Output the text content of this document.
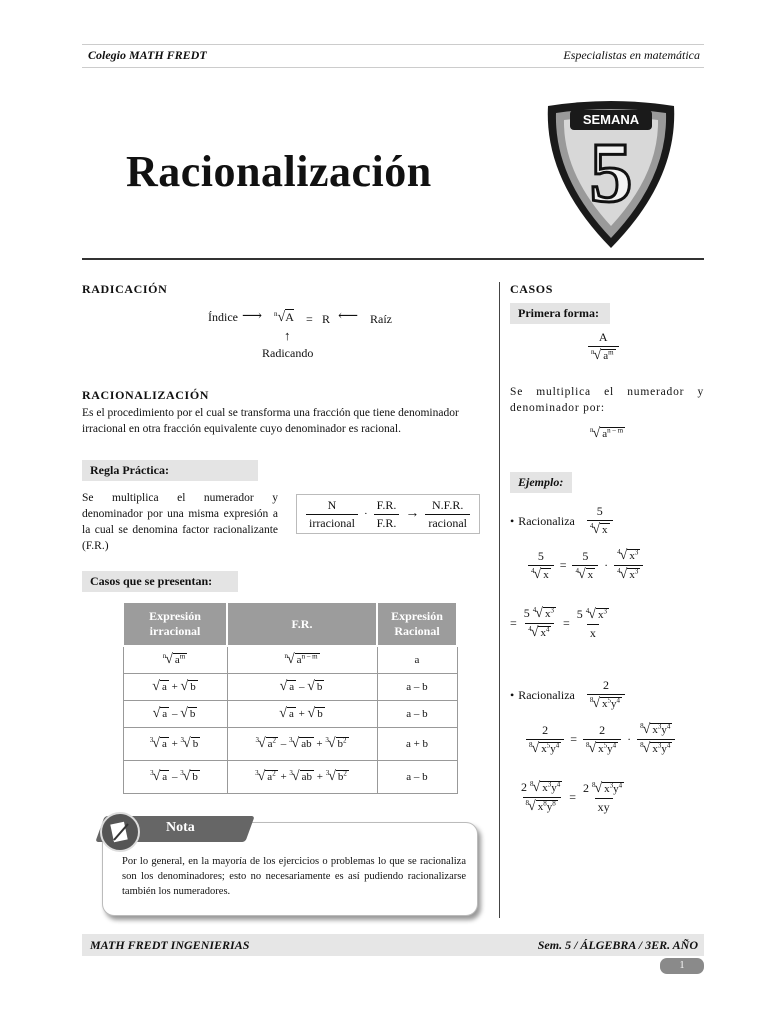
Colegio MATH FREDT	Especialistas en matemática
Racionalización
SEMANA
5
RADICACIÓN
Índice ⟶ $^n$√A = R ⟵ Raíz
↑
Radicando
RACIONALIZACIÓN
Es el procedimiento por el cual se transforma una fracción que tiene denominador irracional en otra fracción equivalente cuyo denominador es racional.
Regla Práctica:
Se multiplica el numerador y denominador por una misma expresión a la cual se denomina factor racionalizante (F.R.)
$\frac{N}{\text{irracional}} \cdot \frac{F.R.}{F.R.} \to \frac{N.F.R.}{\text{racional}}$
Casos que se presentan:
Expresión irracional	F.R.	Expresión Racional
$^n$√ $a^m$	$^n$√ $a^{n - m}$	a
√ a + √ b	√ a – √ b	a – b
√ a – √ b	√ a + √ b	a – b
$^3$√ a + $^3$√ b	$^3$√ $a^2 - ^3√$ ab + $^3$√ $b^2$	a + b
$^3$√ a – $^3$√ b	$^3$√ $a^2 + ^3√$ ab + $^3$√ $b^2$	a – b
Nota
Por lo general, en la mayoría de los ejercicios o problemas lo que se racionaliza son los denominadores; esto no necesariamente es así pudiendo racionalizarse también los numeradores.
CASOS
Primera forma:
$\frac{A}{^n√ a^m}$
Se multiplica el numerador y denominador por:
$^n$√ $a^{n - m}$
Ejemplo:
• Racionaliza $\frac{5}{^4√ x}$
$\frac{5}{^4√ x} = \frac{5}{^4√ x} \cdot \frac{^4√ x^3}{^4√ x^3}$
= $\frac{5 ^4√ x^3}{^4√ x^4} = \frac{5 ^4√ x^3}{x}$
• Racionaliza $\frac{2}{^8√ x^5y^4}$
$\frac{2}{^8√ x^5y^4} = \frac{2}{^8√ x^5y^4} \cdot \frac{^8√ x^3y^4}{^8√ x^3y^4}$
$\frac{2 ^8√ x^3y^4}{^8√ x^8y^8} = \frac{2 ^8√ x^3y^4}{xy}$
MATH FREDT INGENIERIAS	Sem. 5 / ÁLGEBRA / 3ER. AÑO
1
